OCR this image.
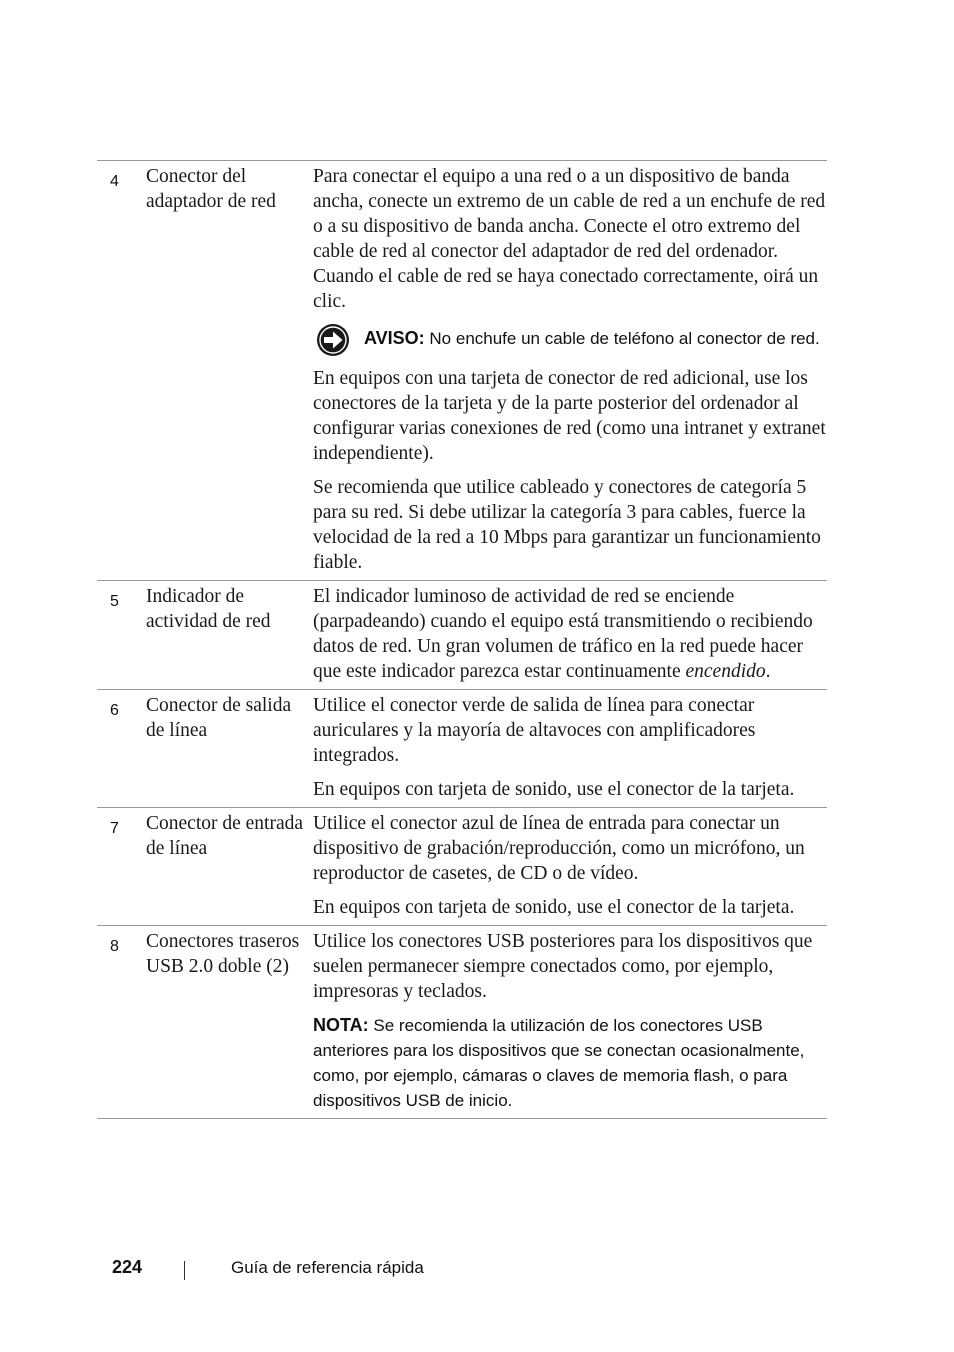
4	Conector del adaptador de red	Para conectar el equipo a una red o a un dispositivo de banda ancha, conecte un extremo de un cable de red a un enchufe de red o a su dispositivo de banda ancha. Conecte el otro extremo del cable de red al conector del adaptador de red del ordenador. Cuando el cable de red se haya conectado correctamente, oirá un clic.

AVISO: No enchufe un cable de teléfono al conector de red.

En equipos con una tarjeta de conector de red adicional, use los conectores de la tarjeta y de la parte posterior del ordenador al configurar varias conexiones de red (como una intranet y extranet independiente).

Se recomienda que utilice cableado y conectores de categoría 5 para su red. Si debe utilizar la categoría 3 para cables, fuerce la velocidad de la red a 10 Mbps para garantizar un funcionamiento fiable.

5	Indicador de actividad de red	El indicador luminoso de actividad de red se enciende (parpadeando) cuando el equipo está transmitiendo o recibiendo datos de red. Un gran volumen de tráfico en la red puede hacer que este indicador parezca estar continuamente encendido.

6	Conector de salida de línea	Utilice el conector verde de salida de línea para conectar auriculares y la mayoría de altavoces con amplificadores integrados.

En equipos con tarjeta de sonido, use el conector de la tarjeta.

7	Conector de entrada de línea	Utilice el conector azul de línea de entrada para conectar un dispositivo de grabación/reproducción, como un micrófono, un reproductor de casetes, de CD o de vídeo.

En equipos con tarjeta de sonido, use el conector de la tarjeta.

8	Conectores traseros USB 2.0 doble (2)	Utilice los conectores USB posteriores para los dispositivos que suelen permanecer siempre conectados como, por ejemplo, impresoras y teclados.

NOTA: Se recomienda la utilización de los conectores USB anteriores para los dispositivos que se conectan ocasionalmente, como, por ejemplo, cámaras o claves de memoria flash, o para dispositivos USB de inicio.

224	Guía de referencia rápida
